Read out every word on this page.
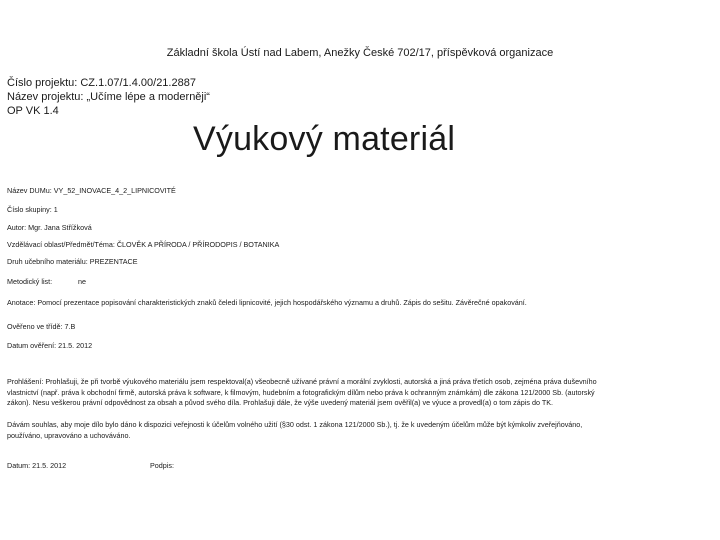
Základní škola Ústí nad Labem, Anežky České 702/17, příspěvková organizace
Číslo projektu: CZ.1.07/1.4.00/21.2887
Název projektu: „Učíme lépe a moderněji“
OP VK 1.4
Výukový materiál
Název DUMu: VY_52_INOVACE_4_2_LIPNICOVITÉ
Číslo skupiny: 1
Autor: Mgr. Jana Střížková
Vzdělávací oblast/Předmět/Téma: ČLOVĚK A PŘÍRODA / PŘÍRODOPIS / BOTANIKA
Druh učebního materiálu: PREZENTACE
Metodický list:	ne
Anotace: Pomocí prezentace popisování charakteristických znaků čeledi lipnicovité, jejich hospodářského významu a druhů. Zápis do sešitu. Závěrečné opakování.
Ověřeno ve třídě: 7.B
Datum ověření: 21.5. 2012
Prohlášení: Prohlašuji, že při tvorbě výukového materiálu jsem respektoval(a) všeobecně užívané právní a morální zvyklosti, autorská a jiná práva třetích osob, zejména práva duševního vlastnictví (např. práva k obchodní firmě, autorská práva k software, k filmovým, hudebním a fotografickým dílům nebo práva k ochranným známkám) dle zákona 121/2000 Sb. (autorský zákon). Nesu veškerou právní odpovědnost za obsah a původ svého díla. Prohlašuji dále, že výše uvedený materiál jsem ověřil(a) ve výuce a provedl(a) o tom zápis do TK.
Dávám souhlas, aby moje dílo bylo dáno k dispozici veřejnosti k účelům volného užití (§30 odst. 1 zákona 121/2000 Sb.), tj. že k uvedeným účelům může být kýmkoliv zveřejňováno, používáno, upravováno a uchováváno.
Datum: 21.5. 2012	Podpis:
